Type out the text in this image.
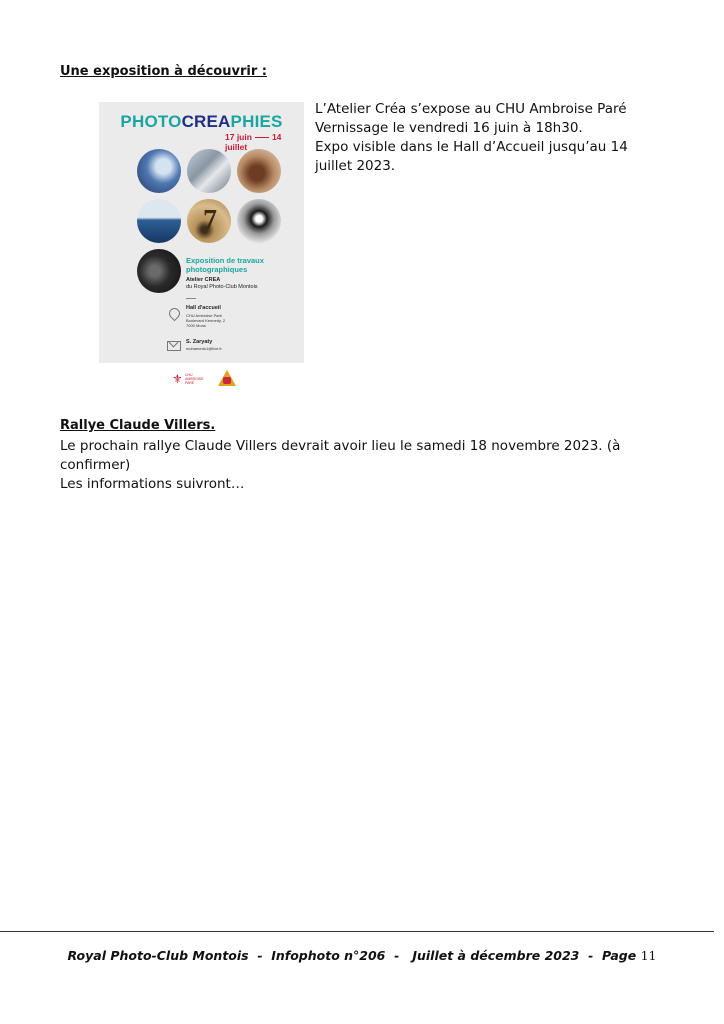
Une exposition à découvrir :
PHOTOCREAPHIES
17 juin 14 juillet
7
Exposition de travaux
photographiques
Atelier CREA
du Royal Photo-Club Montois
Hall d'accueil
CHU Ambroise Paré
Boulevard Kennedy, 2
7000 Mons
S. Zaryaty
mohamedo1@live.fr
⚜ CHU
AMBROISE
PARÉ

L’Atelier Créa s’expose au CHU Ambroise Paré

Vernissage le vendredi 16 juin à 18h30.

Expo visible dans le Hall d’Accueil jusqu’au 14 juillet 2023.

Rallye Claude Villers.

Le prochain rallye Claude Villers devrait avoir lieu le samedi 18 novembre 2023. (à confirmer)

Les informations suivront…

Royal Photo-Club Montois  -  Infophoto n°206  -   Juillet à décembre 2023  -  Page 11
